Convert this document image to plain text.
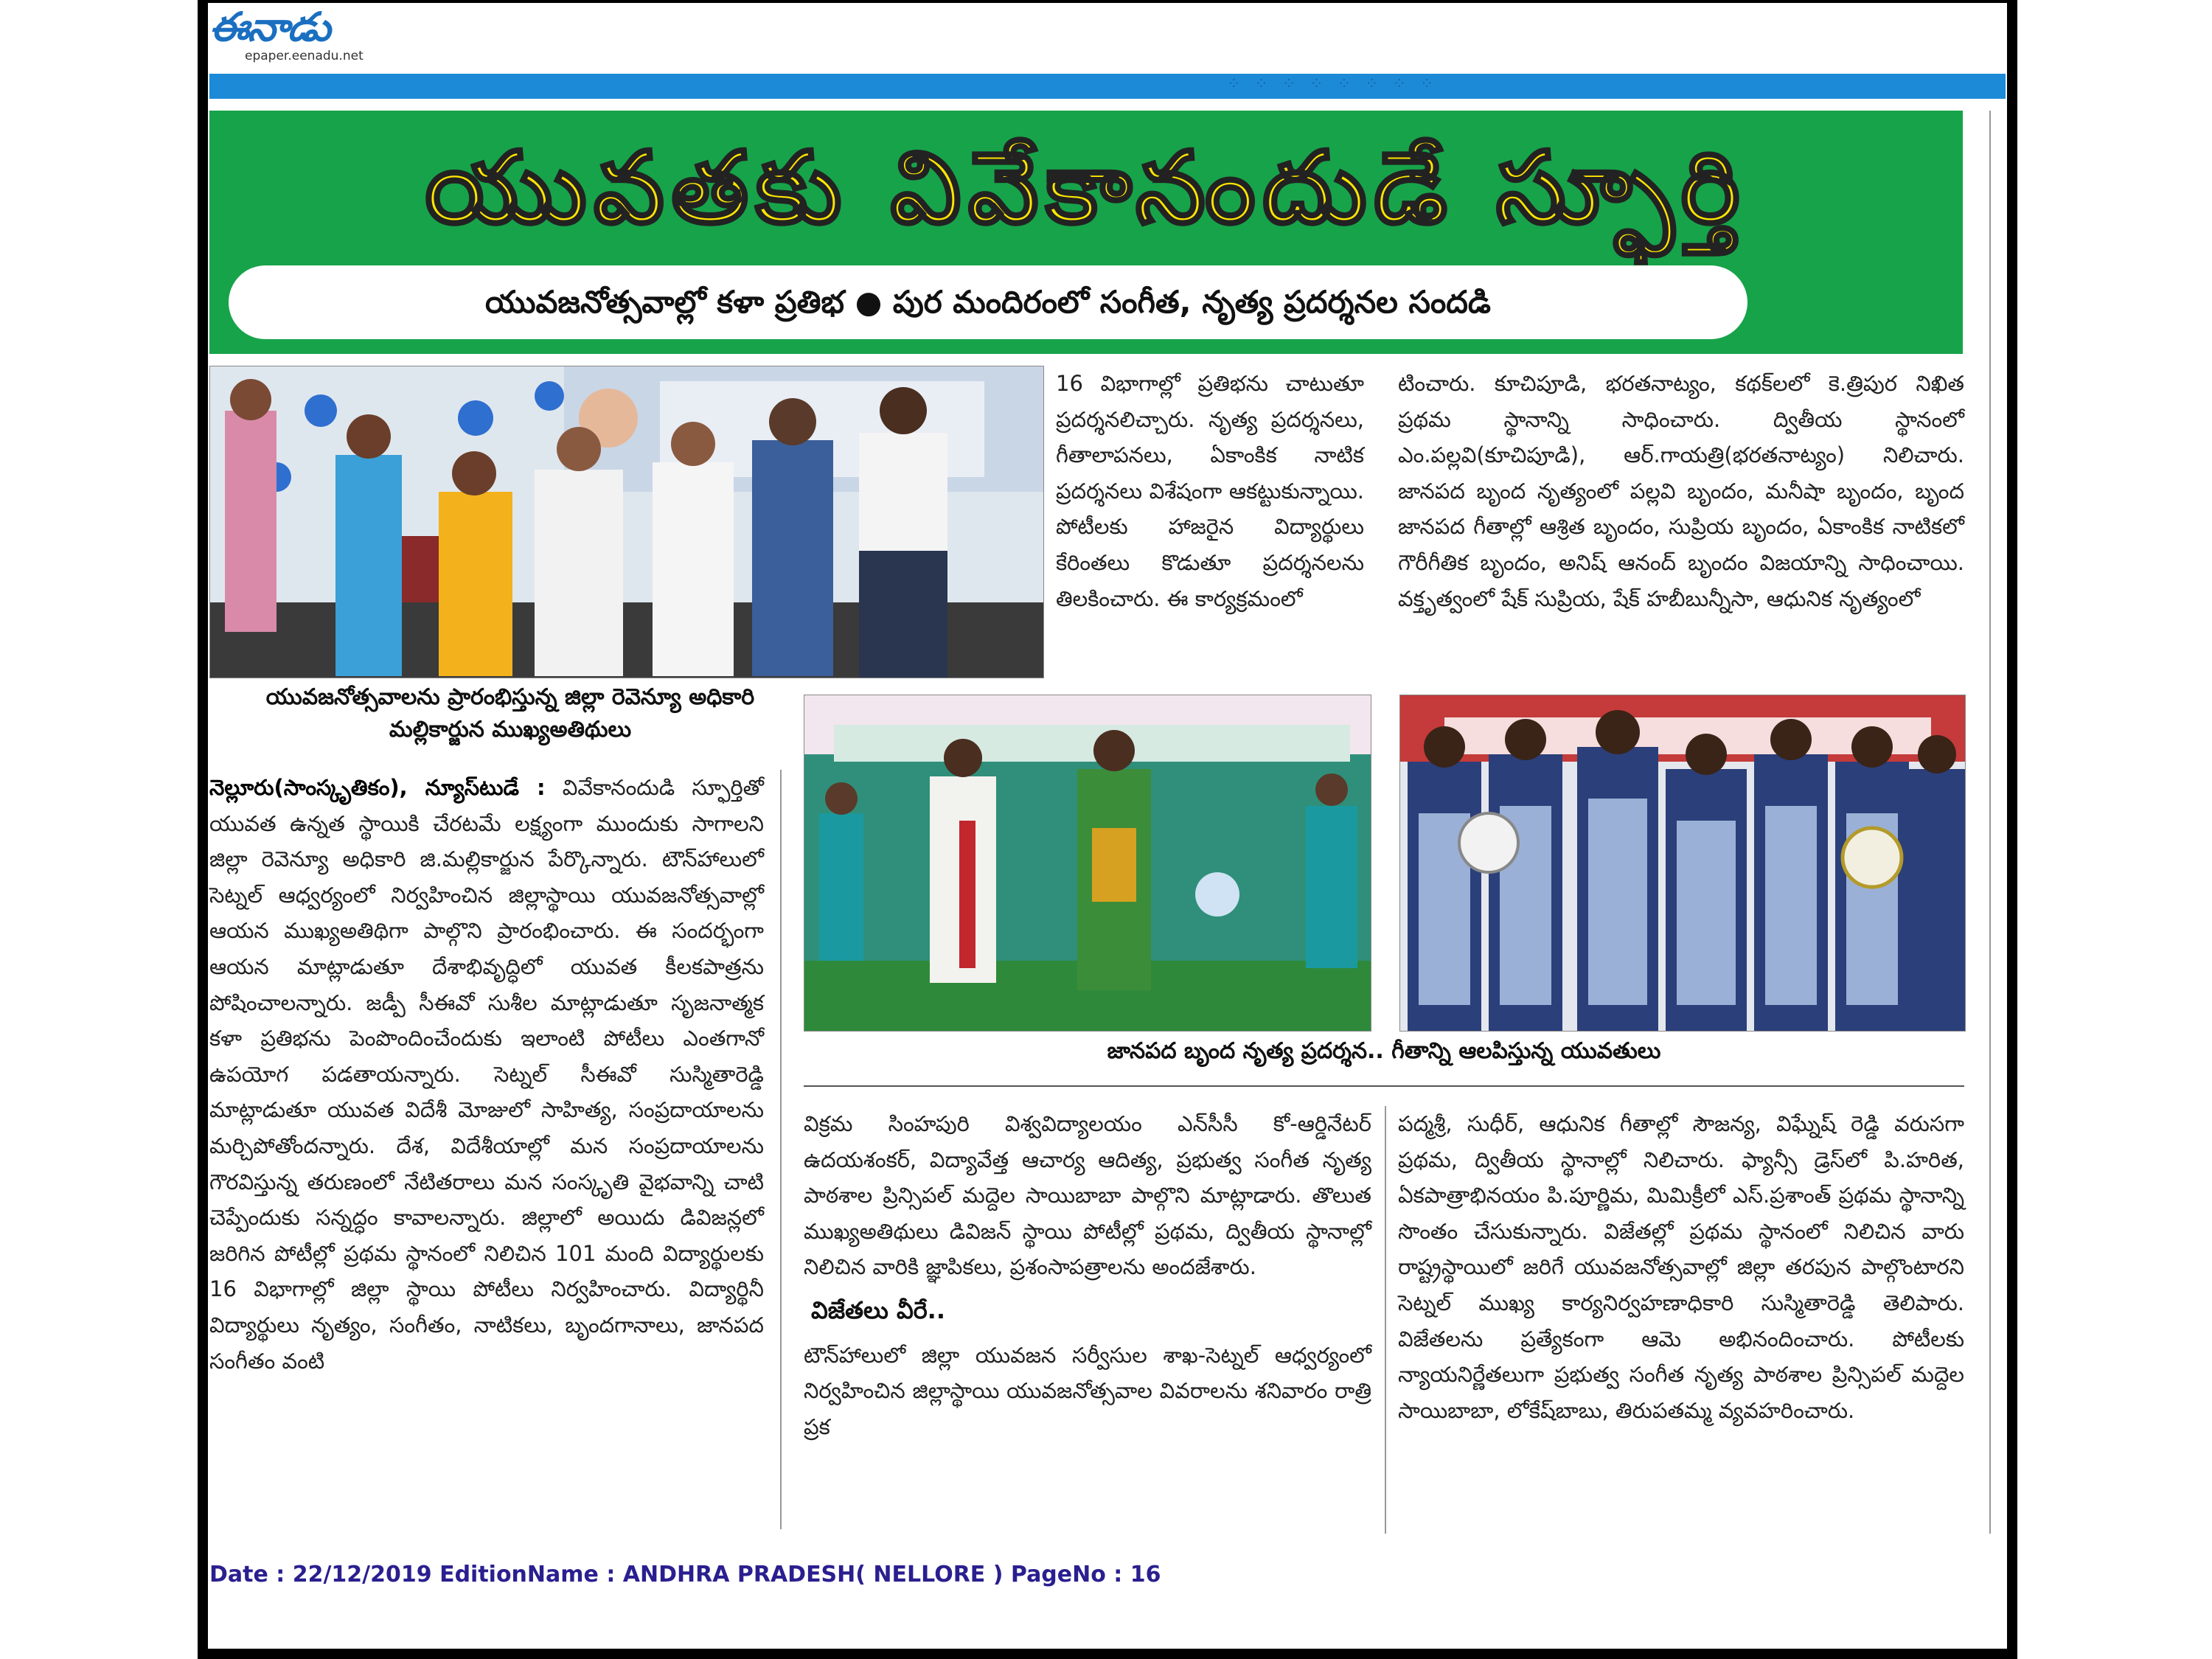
ఈనాడు
epaper.eenadu.net
⁘ ⁘ ⁘ ⁘ ⁘ ⁘ ⁘ ⁘
యువతకు వివేకానందుడే స్ఫూర్తి
యువజనోత్సవాల్లో కళా ప్రతిభ ● పుర మందిరంలో సంగీత, నృత్య ప్రదర్శనల సందడి
యువజనోత్సవాలను ప్రారంభిస్తున్న జిల్లా రెవెన్యూ అధికారి మల్లికార్జున ముఖ్యఅతిథులు

నెల్లూరు(సాంస్కృతికం), న్యూస్‌టుడే : వివేకానందుడి స్ఫూర్తితో యువత ఉన్నత స్థాయికి చేరటమే లక్ష్యంగా ముందుకు సాగాలని జిల్లా రెవెన్యూ అధికారి జి.మల్లికార్జున పేర్కొన్నారు. టౌన్‌హాలులో సెట్నల్ ఆధ్వర్యంలో నిర్వహించిన జిల్లాస్థాయి యువజనోత్సవాల్లో ఆయన ముఖ్యఅతిథిగా పాల్గొని ప్రారంభించారు. ఈ సందర్భంగా ఆయన మాట్లాడుతూ దేశాభివృద్ధిలో యువత కీలకపాత్రను పోషించాలన్నారు. జడ్పీ సీఈవో సుశీల మాట్లాడుతూ సృజనాత్మక కళా ప్రతిభను పెంపొందించేందుకు ఇలాంటి పోటీలు ఎంతగానో ఉపయోగ పడతాయన్నారు. సెట్నల్ సీఈవో సుస్మితారెడ్డి మాట్లాడుతూ యువత విదేశీ మోజులో సాహిత్య, సంప్రదాయాలను మర్చిపోతోందన్నారు. దేశ, విదేశీయాల్లో మన సంప్రదాయాలను గౌరవిస్తున్న తరుణంలో నేటితరాలు మన సంస్కృతి వైభవాన్ని చాటి చెప్పేందుకు సన్నద్ధం కావాలన్నారు. జిల్లాలో అయిదు డివిజన్లలో జరిగిన పోటీల్లో ప్రథమ స్థానంలో నిలిచిన 101 మంది విద్యార్థులకు 16 విభాగాల్లో జిల్లా స్థాయి పోటీలు నిర్వహించారు. విద్యార్థినీ విద్యార్థులు నృత్యం, సంగీతం, నాటికలు, బృందగానాలు, జానపద సంగీతం వంటి

16 విభాగాల్లో ప్రతిభను చాటుతూ ప్రదర్శనలిచ్చారు. నృత్య ప్రదర్శనలు, గీతాలాపనలు, ఏకాంకిక నాటిక ప్రదర్శనలు విశేషంగా ఆకట్టుకున్నాయి. పోటీలకు హాజరైన విద్యార్థులు కేరింతలు కొడుతూ ప్రదర్శనలను తిలకించారు. ఈ కార్యక్రమంలో

టించారు. కూచిపూడి, భరతనాట్యం, కథక్‌లలో కె.త్రిపుర నిఖిత ప్రథమ స్థానాన్ని సాధించారు. ద్వితీయ స్థానంలో ఎం.పల్లవి(కూచిపూడి), ఆర్.గాయత్రి(భరతనాట్యం) నిలిచారు. జానపద బృంద నృత్యంలో పల్లవి బృందం, మనీషా బృందం, బృంద జానపద గీతాల్లో ఆశ్రిత బృందం, సుప్రియ బృందం, ఏకాంకిక నాటికలో గౌరీగీతిక బృందం, అనిష్ ఆనంద్ బృందం విజయాన్ని సాధించాయి. వక్తృత్వంలో షేక్ సుప్రియ, షేక్ హబీబున్నీసా, ఆధునిక నృత్యంలో

జానపద బృంద నృత్య ప్రదర్శన.. గీతాన్ని ఆలపిస్తున్న యువతులు

విక్రమ సింహపురి విశ్వవిద్యాలయం ఎన్‌సీసీ కో-ఆర్డినేటర్ ఉదయశంకర్, విద్యావేత్త ఆచార్య ఆదిత్య, ప్రభుత్వ సంగీత నృత్య పాఠశాల ప్రిన్సిపల్ మద్దెల సాయిబాబా పాల్గొని మాట్లాడారు. తొలుత ముఖ్యఅతిథులు డివిజన్ స్థాయి పోటీల్లో ప్రథమ, ద్వితీయ స్థానాల్లో నిలిచిన వారికి జ్ఞాపికలు, ప్రశంసాపత్రాలను అందజేశారు.

విజేతలు వీరే..

టౌన్‌హాలులో జిల్లా యువజన సర్వీసుల శాఖ-సెట్నల్ ఆధ్వర్యంలో నిర్వహించిన జిల్లాస్థాయి యువజనోత్సవాల వివరాలను శనివారం రాత్రి ప్రక

పద్మశ్రీ, సుధీర్, ఆధునిక గీతాల్లో సౌజన్య, విఘ్నేష్ రెడ్డి వరుసగా ప్రథమ, ద్వితీయ స్థానాల్లో నిలిచారు. ఫ్యాన్సీ డ్రెస్‌లో పి.హరిత, ఏకపాత్రాభినయం పి.పూర్ణిమ, మిమిక్రీలో ఎస్.ప్రశాంత్ ప్రథమ స్థానాన్ని సొంతం చేసుకున్నారు. విజేతల్లో ప్రథమ స్థానంలో నిలిచిన వారు రాష్ట్రస్థాయిలో జరిగే యువజనోత్సవాల్లో జిల్లా తరపున పాల్గొంటారని సెట్నల్ ముఖ్య కార్యనిర్వహణాధికారి సుస్మితారెడ్డి తెలిపారు. విజేతలను ప్రత్యేకంగా ఆమె అభినందించారు. పోటీలకు న్యాయనిర్ణేతలుగా ప్రభుత్వ సంగీత నృత్య పాఠశాల ప్రిన్సిపల్ మద్దెల సాయిబాబా, లోకేష్‌బాబు, తిరుపతమ్మ వ్యవహరించారు.

Date : 22/12/2019 EditionName : ANDHRA PRADESH( NELLORE ) PageNo : 16
